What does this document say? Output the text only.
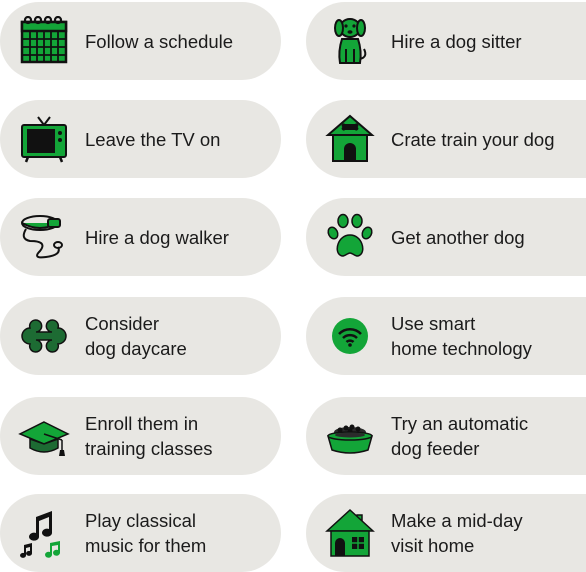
Follow a schedule	Hire a dog sitter
Leave the TV on	Crate train your dog
Hire a dog walker	Get another dog
Consider
dog daycare
Use smart
home technology
Enroll them in
training classes
Try an automatic
dog feeder
Play classical
music for them
Make a mid-day
visit home
